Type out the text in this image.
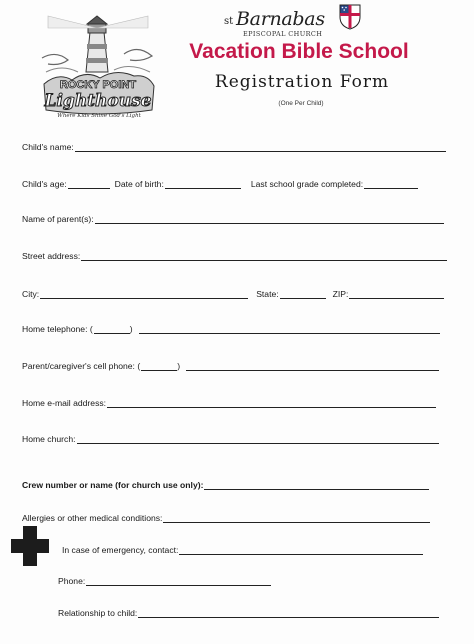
ROCKY POINT
Lighthouse
Where Kids Shine God's Light
st Barnabas
EPISCOPAL CHURCH
Vacation Bible School
Registration Form
(One Per Child)
Child's name:
Child's age:	Date of birth:	Last school grade completed:
Name of parent(s):
Street address:
City:	State:	ZIP:
Home telephone: (	)
Parent/caregiver's cell phone: (	)
Home e-mail address:
Home church:
Crew number or name (for church use only):
Allergies or other medical conditions:
In case of emergency, contact:
Phone:
Relationship to child:
